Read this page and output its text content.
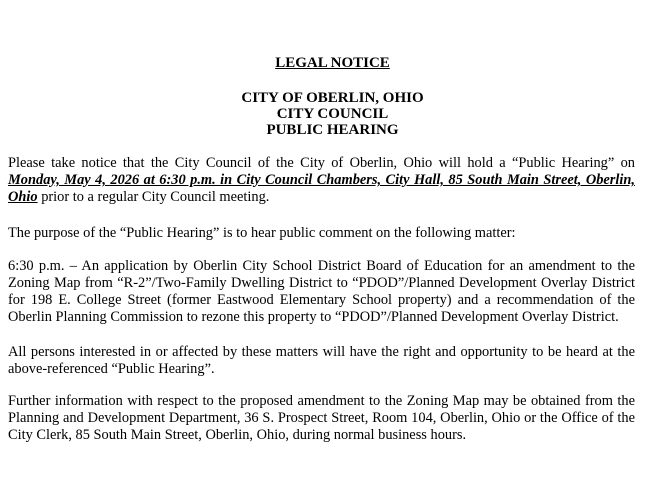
LEGAL NOTICE
CITY OF OBERLIN, OHIO
CITY COUNCIL
PUBLIC HEARING
Please take notice that the City Council of the City of Oberlin, Ohio will hold a “Public Hearing” on Monday, May 4, 2026 at 6:30 p.m. in City Council Chambers, City Hall, 85 South Main Street, Oberlin, Ohio prior to a regular City Council meeting.
The purpose of the “Public Hearing” is to hear public comment on the following matter:
6:30 p.m. – An application by Oberlin City School District Board of Education for an amendment to the Zoning Map from “R-2”/Two-Family Dwelling District to “PDOD”/Planned Development Overlay District for 198 E. College Street (former Eastwood Elementary School property) and a recommendation of the Oberlin Planning Commission to rezone this property to “PDOD”/Planned Development Overlay District.
All persons interested in or affected by these matters will have the right and opportunity to be heard at the above-referenced “Public Hearing”.
Further information with respect to the proposed amendment to the Zoning Map may be obtained from the Planning and Development Department, 36 S. Prospect Street, Room 104, Oberlin, Ohio or the Office of the City Clerk, 85 South Main Street, Oberlin, Ohio, during normal business hours.
